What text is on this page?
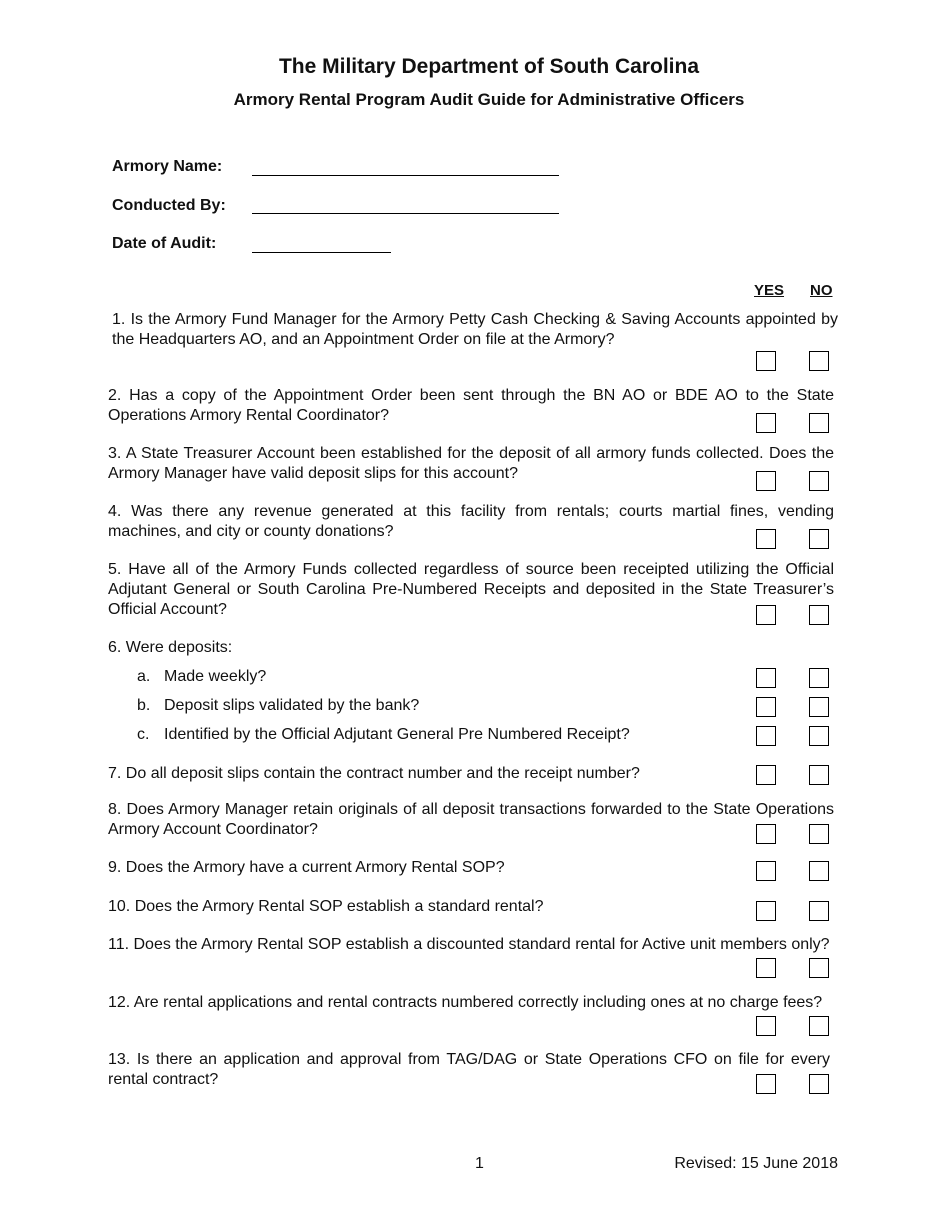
The Military Department of South Carolina
Armory Rental Program Audit Guide for Administrative Officers
Armory Name:
Conducted By:
Date of Audit:
YES NO
1. Is the Armory Fund Manager for the Armory Petty Cash Checking & Saving Accounts appointed by the Headquarters AO, and an Appointment Order on file at the Armory?
2. Has a copy of the Appointment Order been sent through the BN AO or BDE AO to the State Operations Armory Rental Coordinator?
3. A State Treasurer Account been established for the deposit of all armory funds collected. Does the Armory Manager have valid deposit slips for this account?
4. Was there any revenue generated at this facility from rentals; courts martial fines, vending machines, and city or county donations?
5. Have all of the Armory Funds collected regardless of source been receipted utilizing the Official Adjutant General or South Carolina Pre-Numbered Receipts and deposited in the State Treasurer’s Official Account?
6. Were deposits:
a. Made weekly?
b. Deposit slips validated by the bank?
c. Identified by the Official Adjutant General Pre Numbered Receipt?
7. Do all deposit slips contain the contract number and the receipt number?
8. Does Armory Manager retain originals of all deposit transactions forwarded to the State Operations Armory Account Coordinator?
9. Does the Armory have a current Armory Rental SOP?
10. Does the Armory Rental SOP establish a standard rental?
11. Does the Armory Rental SOP establish a discounted standard rental for Active unit members only?
12. Are rental applications and rental contracts numbered correctly including ones at no charge fees?
13. Is there an application and approval from TAG/DAG or State Operations CFO on file for every rental contract?
1	Revised: 15 June 2018
